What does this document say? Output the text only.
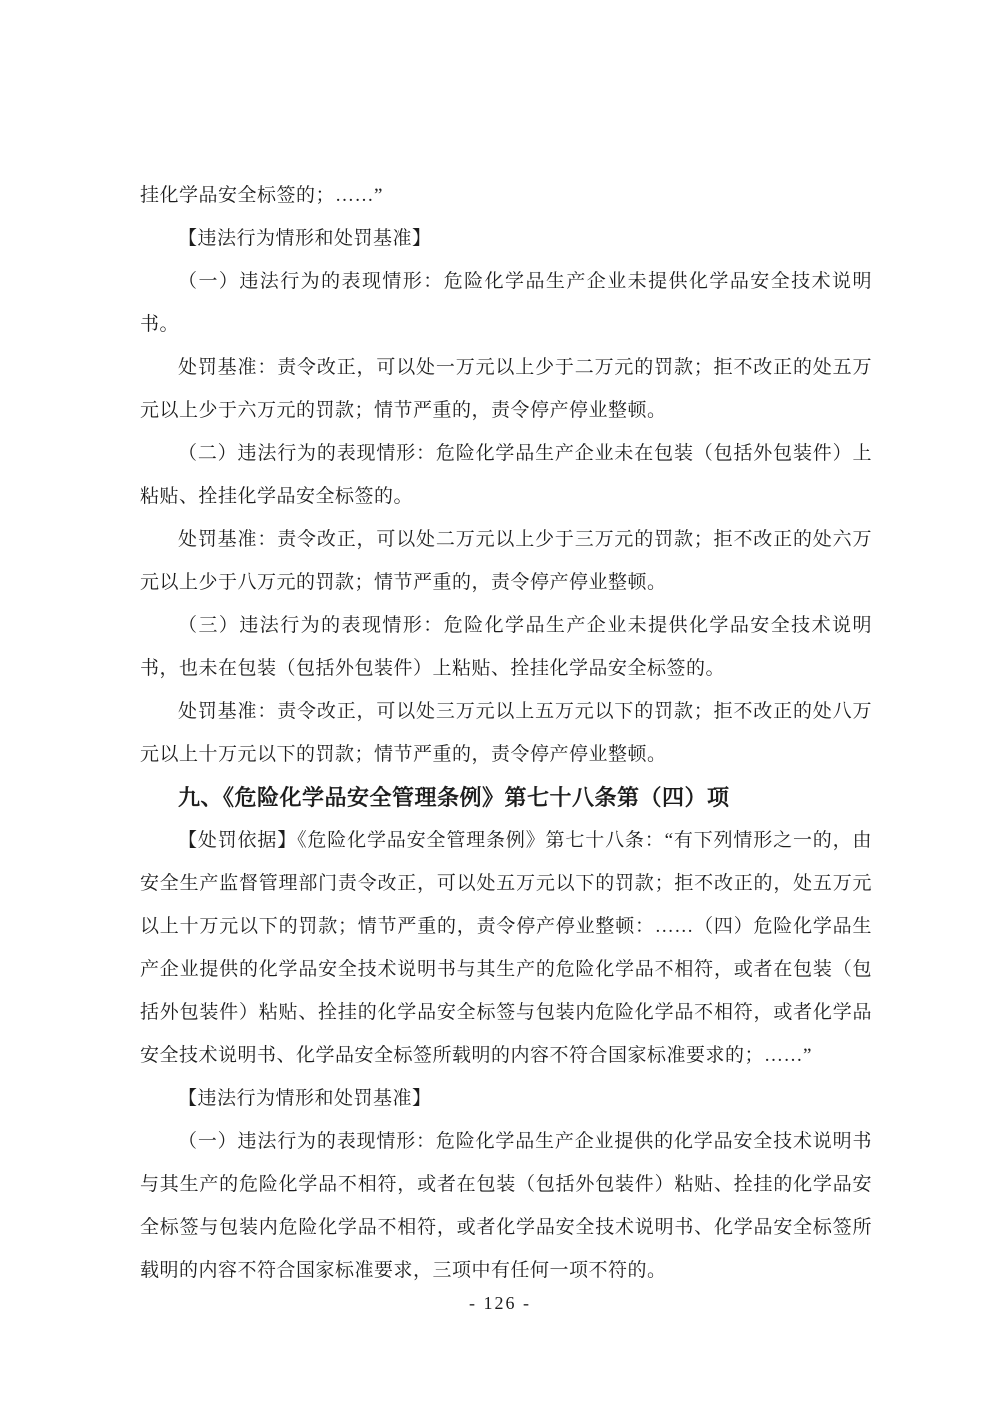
挂化学品安全标签的；……”

【违法行为情形和处罚基准】

（一）违法行为的表现情形：危险化学品生产企业未提供化学品安全技术说明书。

处罚基准：责令改正，可以处一万元以上少于二万元的罚款；拒不改正的处五万元以上少于六万元的罚款；情节严重的，责令停产停业整顿。

（二）违法行为的表现情形：危险化学品生产企业未在包装（包括外包装件）上粘贴、拴挂化学品安全标签的。

处罚基准：责令改正，可以处二万元以上少于三万元的罚款；拒不改正的处六万元以上少于八万元的罚款；情节严重的，责令停产停业整顿。

（三）违法行为的表现情形：危险化学品生产企业未提供化学品安全技术说明书，也未在包装（包括外包装件）上粘贴、拴挂化学品安全标签的。

处罚基准：责令改正，可以处三万元以上五万元以下的罚款；拒不改正的处八万元以上十万元以下的罚款；情节严重的，责令停产停业整顿。

九、《危险化学品安全管理条例》第七十八条第（四）项

【处罚依据】《危险化学品安全管理条例》第七十八条：“有下列情形之一的，由安全生产监督管理部门责令改正，可以处五万元以下的罚款；拒不改正的，处五万元以上十万元以下的罚款；情节严重的，责令停产停业整顿：……（四）危险化学品生产企业提供的化学品安全技术说明书与其生产的危险化学品不相符，或者在包装（包括外包装件）粘贴、拴挂的化学品安全标签与包装内危险化学品不相符，或者化学品安全技术说明书、化学品安全标签所载明的内容不符合国家标准要求的；……”

【违法行为情形和处罚基准】

（一）违法行为的表现情形：危险化学品生产企业提供的化学品安全技术说明书与其生产的危险化学品不相符，或者在包装（包括外包装件）粘贴、拴挂的化学品安全标签与包装内危险化学品不相符，或者化学品安全技术说明书、化学品安全标签所载明的内容不符合国家标准要求，三项中有任何一项不符的。

- 126 -
